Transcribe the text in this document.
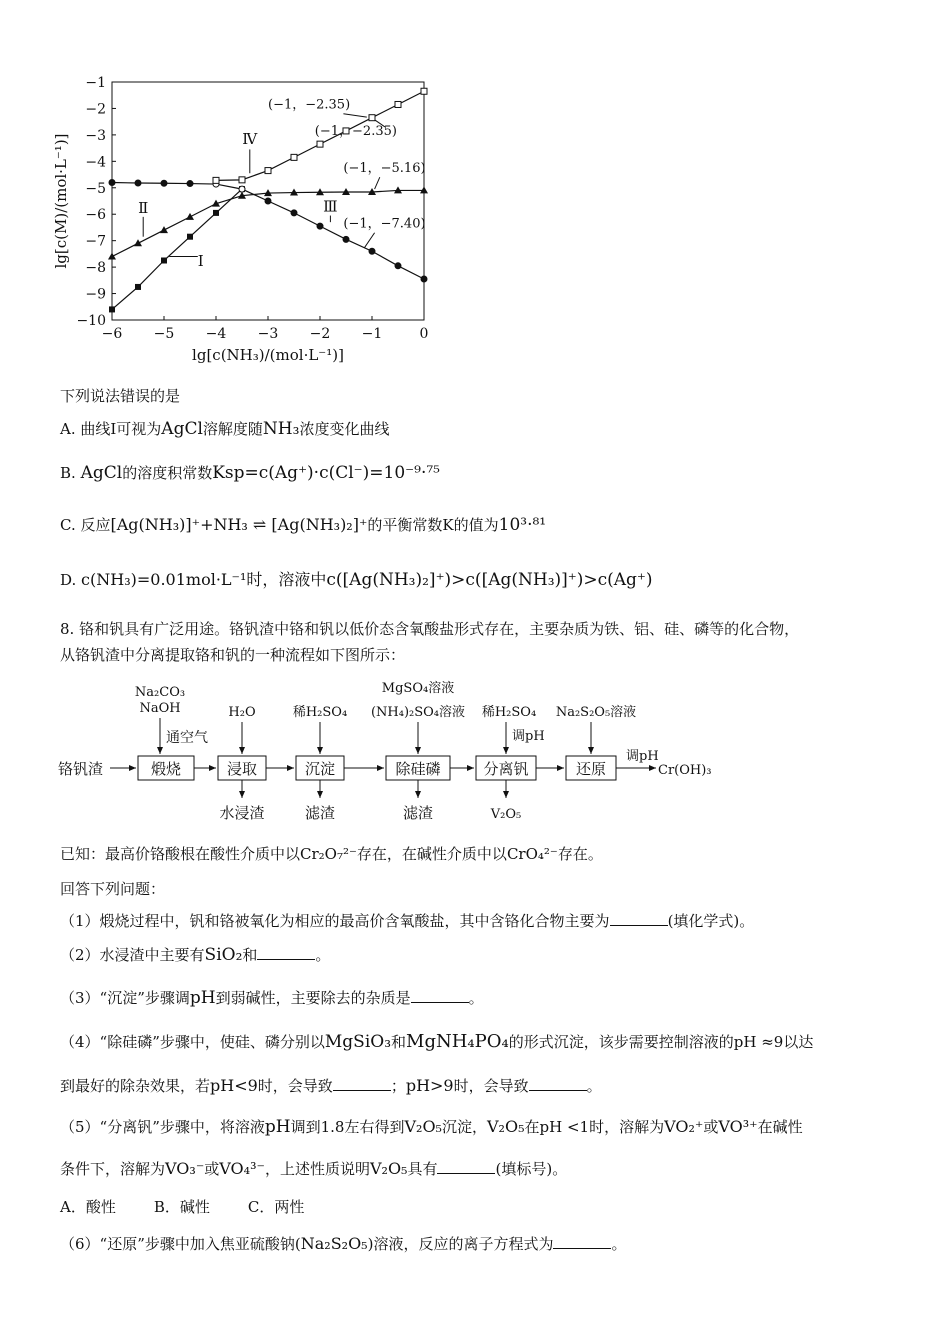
−6 −5 −4 −3 −2 −1	0
−1
−2
−3
−4
−5
−6
−7
−8
−9
−10
lg[c(NH₃)/(mol·L⁻¹)]
lg[c(M)/(mol·L⁻¹)]	Ⅳ
Ⅱ	Ⅲ
Ⅰ
(−1，−2.35)
(−1，−2.35)
(−1，−5.16)
(−1，−7.40)
下列说法错误的是
A. 曲线Ⅰ可视为AgCl溶解度随NH₃浓度变化曲线
B. AgCl的溶度积常数Ksp=c(Ag⁺)·c(Cl⁻)=10⁻⁹·⁷⁵
C. 反应[Ag(NH₃)]⁺+NH₃ ⇌ [Ag(NH₃)₂]⁺的平衡常数K的值为10³·⁸¹
D. c(NH₃)=0.01mol·L⁻¹时，溶液中c([Ag(NH₃)₂]⁺)>c([Ag(NH₃)]⁺)>c(Ag⁺)
8. 铬和钒具有广泛用途。铬钒渣中铬和钒以低价态含氧酸盐形式存在，主要杂质为铁、铝、硅、磷等的化合物，
从铬钒渣中分离提取铬和钒的一种流程如下图所示：
铬钒渣	煅烧	浸取	沉淀	除硅磷	分离钒	还原	Cr(OH)₃
调pH
Na₂CO₃
NaOH
通空气
H₂O	稀H₂SO₄
MgSO₄溶液
(NH₄)₂SO₄溶液 稀H₂SO₄
调pH
Na₂S₂O₅溶液
水浸渣	滤渣	滤渣	V₂O₅
已知：最高价铬酸根在酸性介质中以Cr₂O₇²⁻存在，在碱性介质中以CrO₄²⁻存在。
回答下列问题：
（1）煅烧过程中，钒和铬被氧化为相应的最高价含氧酸盐，其中含铬化合物主要为	(填化学式)。
（2）水浸渣中主要有SiO₂和	。
（3）“沉淀”步骤调pH到弱碱性，主要除去的杂质是	。
（4）“除硅磷”步骤中，使硅、磷分别以MgSiO₃和MgNH₄PO₄的形式沉淀，该步需要控制溶液的pH ≈9以达
到最好的除杂效果，若pH<9时，会导致	；pH>9时，会导致	。
（5）“分离钒”步骤中，将溶液pH调到1.8左右得到V₂O₅沉淀，V₂O₅在pH <1时，溶解为VO₂⁺或VO³⁺在碱性
条件下，溶解为VO₃⁻或VO₄³⁻，上述性质说明V₂O₅具有	(填标号)。
A．酸性	B．碱性	C．两性
（6）“还原”步骤中加入焦亚硫酸钠(Na₂S₂O₅)溶液，反应的离子方程式为	。
